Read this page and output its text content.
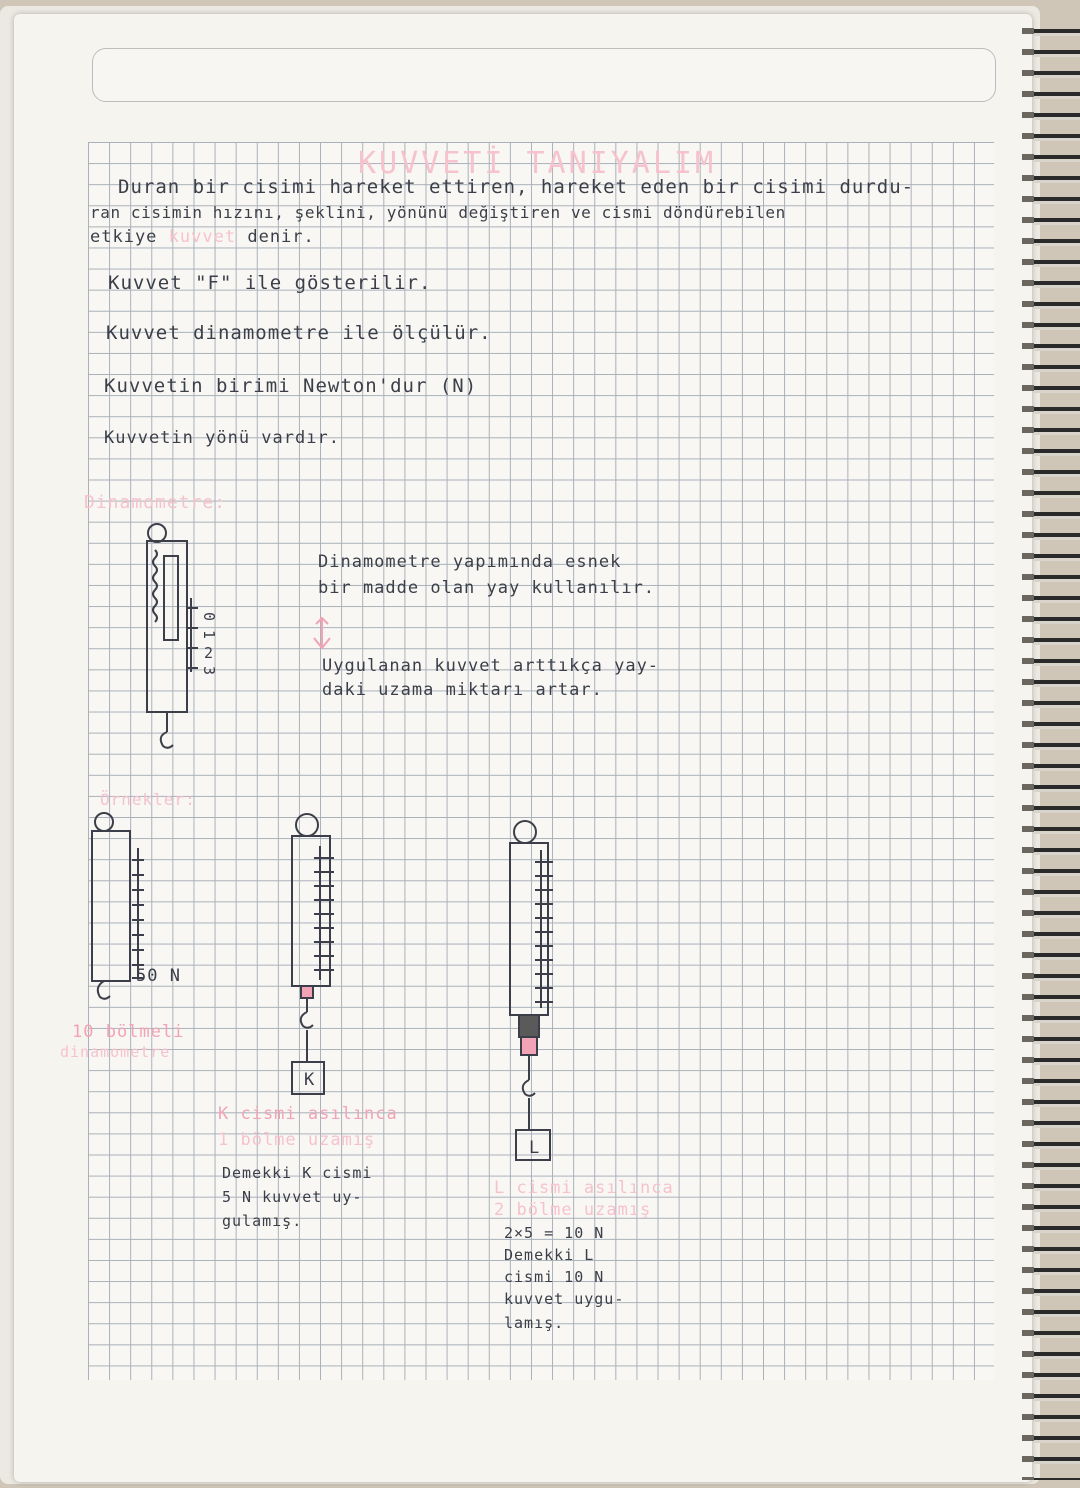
KUVVETİ TANIYALIM
Duran bir cisimi hareket ettiren, hareket eden bir cisimi durdu-
ran cisimin hızını, şeklini, yönünü değiştiren ve cismi döndürebilen
etkiye kuvvet denir.
Kuvvet "F" ile gösterilir.
Kuvvet dinamometre ile ölçülür.
Kuvvetin birimi Newton'dur (N)
Kuvvetin yönü vardır.
Dinamometre:
0
1
2
3
Dinamometre yapımında esnek
bir madde olan yay kullanılır.
Uygulanan kuvvet arttıkça yay-
daki uzama miktarı artar.
Örnekler:
50 N
10 bölmeli
dinamometre
K
K cismi asılınca
1 bölme uzamış
Demekki K cismi
5 N kuvvet uy-
gulamış.
L
L cismi asılınca
2 bölme uzamış
2×5 = 10 N
Demekki L
cismi 10 N
kuvvet uygu-
lamış.
